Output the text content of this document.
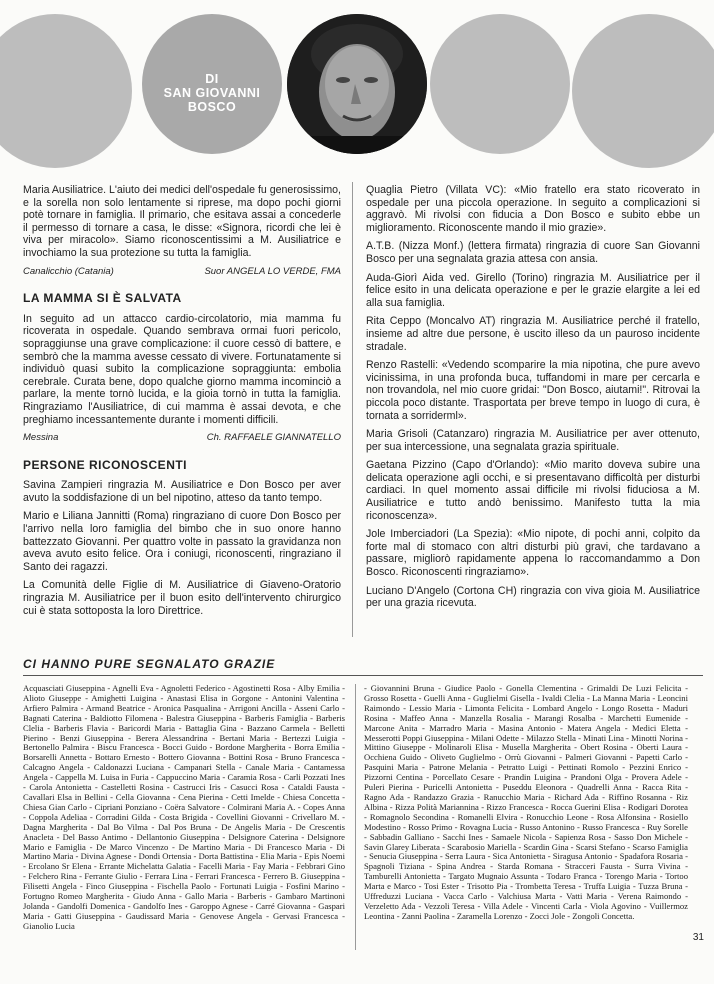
DI
SAN GIOVANNI
BOSCO

Maria Ausiliatrice. L'aiuto dei medici dell'ospedale fu generosissimo, e la sorella non solo lentamente si riprese, ma dopo pochi giorni potè tornare in famiglia. Il primario, che esitava assai a concederle il permesso di tornare a casa, le disse: «Signora, ricordi che lei è viva per miracolo». Siamo riconoscentissimi a M. Ausiliatrice e invochiamo la sua protezione su tutta la famiglia.

Canalicchio (Catania)	Suor ANGELA LO VERDE, FMA
LA MAMMA SI È SALVATA

In seguito ad un attacco cardio-circolatorio, mia mamma fu ricoverata in ospedale. Quando sembrava ormai fuori pericolo, sopraggiunse una grave complicazione: il cuore cessò di battere, e sembrò che la mamma avesse cessato di vivere. Fortunatamente si individuò quasi subito la complicazione sopraggiunta: embolia cerebrale. Curata bene, dopo qualche giorno mamma incominciò a parlare, la mente tornò lucida, e la gioia tornò in tutta la famiglia. Ringraziamo l'Ausiliatrice, di cui mamma è assai devota, e che preghiamo incessantemente durante i momenti difficili.

Messina	Ch. RAFFAELE GIANNATELLO
PERSONE RICONOSCENTI

Savina Zampieri ringrazia M. Ausiliatrice e Don Bosco per aver avuto la soddisfazione di un bel nipotino, atteso da tanto tempo.

Mario e Liliana Jannitti (Roma) ringraziano di cuore Don Bosco per l'arrivo nella loro famiglia del bimbo che in suo onore hanno battezzato Giovanni. Per quattro volte in passato la gravidanza non aveva avuto esito felice. Ora i coniugi, riconoscenti, ringraziano il Santo dei ragazzi.

La Comunità delle Figlie di M. Ausiliatrice di Giaveno-Oratorio ringrazia M. Ausiliatrice per il buon esito dell'intervento chirurgico cui è stata sottoposta la loro Direttrice.

Quaglia Pietro (Villata VC): «Mio fratello era stato ricoverato in ospedale per una piccola operazione. In seguito a complicazioni si aggravò. Mi rivolsi con fiducia a Don Bosco e subito ebbe un miglioramento. Riconoscente mando il mio grazie».

A.T.B. (Nizza Monf.) (lettera firmata) ringrazia di cuore San Giovanni Bosco per una segnalata grazia attesa con ansia.

Auda-Giorì Aida ved. Girello (Torino) ringrazia M. Ausiliatrice per il felice esito in una delicata operazione e per le grazie elargite a lei ed alla sua famiglia.

Rita Ceppo (Moncalvo AT) ringrazia M. Ausiliatrice perché il fratello, insieme ad altre due persone, è uscito illeso da un pauroso incidente stradale.

Renzo Rastelli: «Vedendo scomparire la mia nipotina, che pure avevo vicinissima, in una profonda buca, tuffandomi in mare per cercarla e non trovandola, nel mio cuore gridai: "Don Bosco, aiutami!". Ritrovai la piccola poco distante. Trasportata per breve tempo in luogo di cura, è tornata a sorriderml».

Maria Grisoli (Catanzaro) ringrazia M. Ausiliatrice per aver ottenuto, per sua intercessione, una segnalata grazia spirituale.

Gaetana Pizzino (Capo d'Orlando): «Mio marito doveva subire una delicata operazione agli occhi, e si presentavano difficoltà per disturbi cardiaci. In quel momento assai difficile mi rivolsi fiduciosa a M. Ausiliatrice e tutto andò benissimo. Manifesto tutta la mia riconoscenza».

Jole Imberciadori (La Spezia): «Mio nipote, di pochi anni, colpito da forte mal di stomaco con altri disturbi più gravi, che tardavano a passare, migliorò rapidamente appena lo raccomandammo a Don Bosco. Riconoscenti ringraziamo».

Luciano D'Angelo (Cortona CH) ringrazia con viva gioia M. Ausiliatrice per una grazia ricevuta.

CI HANNO PURE SEGNALATO GRAZIE
Acquasciati Giuseppina - Agnelli Eva - Agnoletti Federico - Agostinetti Rosa - Alby Emilia - Alioto Giuseppe - Amighetti Luigina - Anastasi Elisa in Gorgone - Antonini Valentina - Arfiero Palmira - Armand Beatrice - Aronica Pasqualina - Arrigoni Ancilla - Asseni Carlo - Bagnati Caterina - Baldiotto Filomena - Balestra Giuseppina - Barberis Famiglia - Barberis Clelia - Barberis Flavia - Baricordi Maria - Battaglia Gina - Bazzano Carmela - Belletti Pierino - Benzi Giuseppina - Berera Alessandrina - Bertani Maria - Bertezzi Luigia - Bertonello Palmira - Biscu Francesca - Bocci Guido - Bordone Margherita - Borra Emilia - Borsarelli Annetta - Bottaro Ernesto - Bottero Giovanna - Bottini Rosa - Bruno Francesca - Calcagno Angela - Caldonazzi Luciana - Campanari Stella - Canale Maria - Cantamessa Angela - Cappella M. Luisa in Furia - Cappuccino Maria - Caramia Rosa - Carli Pozzati Ines - Carola Antonietta - Castelletti Rosina - Castrucci Iris - Casucci Rosa - Cataldi Fausta - Cavallari Elsa in Bellini - Cella Giovanna - Cena Pierina - Cetti Imelde - Chiesa Concetta - Chiesa Gian Carlo - Cipriani Ponziano - Coëra Salvatore - Colmirani Maria A. - Copes Anna - Coppola Adeliaa - Corradini Gilda - Costa Brigida - Covellini Giovanni - Crivellaro M. - Dagna Margherita - Dal Bo Vilma - Dal Pos Bruna - De Angelis Maria - De Crescentis Anacleta - Del Basso Antimo - Dellantonio Giuseppina - Delsignore Caterina - Delsignore Mario e Famiglia - De Marco Vincenzo - De Martino Maria - Di Francesco Maria - Di Martino Maria - Divina Agnese - Dondi Ortensia - Dorta Battistina - Elia Maria - Epis Noemi - Ercolano Sr Elena - Errante Michelatta Galatia - Facelli Maria - Fay Maria - Febbrari Gino - Felchero Rina - Ferrante Giulio - Ferrara Lina - Ferrari Francesca - Ferrero B. Giuseppina - Filisetti Angela - Finco Giuseppina - Fischella Paolo - Fortunati Luigia - Fosfini Marino - Fortugno Romeo Margherita - Giudo Anna - Gallo Maria - Barberis - Gambaro Martinoni Jolanda - Gandolfi Domenica - Gandolfo Ines - Garoppo Agnese - Carré Giovanna - Gaspari Maria - Gatti Giuseppina - Gaudissard Maria - Genovese Angela - Gervasi Francesca - Gianolio Lucia
- Giovannini Bruna - Giudice Paolo - Gonella Clementina - Grimaldi De Luzi Felicita - Grosso Rosetta - Guelli Anna - Guglielmi Gisella - Ivaldi Clelia - La Manna Maria - Leoncini Raimondo - Lessio Maria - Limonta Felicita - Lombard Angelo - Longo Rosetta - Maduri Rosina - Maffeo Anna - Manzella Rosalia - Marangi Rosalba - Marchetti Eumenide - Marcone Anita - Marradro Maria - Masina Antonio - Matera Angela - Medici Eletta - Messerotti Poppi Giuseppina - Milani Odette - Milazzo Stella - Minati Lina - Minotti Norina - Mittino Giuseppe - Molinaroli Elisa - Musella Margherita - Obert Rosina - Oberti Laura - Occhiena Guido - Oliveto Guglielmo - Orrù Giovanni - Palmeri Giovanni - Papetti Carlo - Pasquini Maria - Patrone Melania - Petratto Luigi - Pettinati Romolo - Pezzini Enrico - Pizzorni Centina - Porcellato Cesare - Prandin Luigina - Prandoni Olga - Provera Adele - Puleri Pierina - Puricelli Antonietta - Puseddu Eleonora - Quadrelli Anna - Racca Rita - Ragno Ada - Randazzo Grazia - Ranucchio Maria - Richard Ada - Riffino Rosanna - Riz Albina - Rizza Polità Mariannina - Rizzo Francesca - Rocca Guerini Elisa - Rodigari Dorotea - Romagnolo Secondina - Romanelli Elvira - Ronucchio Leone - Rosa Alfonsina - Rosiello Modestino - Rosso Primo - Rovagna Lucia - Russo Antonino - Russo Francesca - Ruy Sorelle - Sabbadin Galliano - Sacchi Ines - Samaele Nicola - Sapienza Rosa - Sasso Don Michele - Savin Glarey Liberata - Scarabosio Mariella - Scardin Gina - Scarsi Stefano - Scarso Famiglia - Senucia Giuseppina - Serra Laura - Sica Antonietta - Siragusa Antonio - Spadafora Rosaria - Spagnoli Tiziana - Spina Andrea - Starda Romana - Stracceri Fausta - Surra Vivina - Tamburelli Antonietta - Targato Mugnaio Assunta - Todaro Franca - Torengo Maria - Tortoo Marta e Marco - Tosi Ester - Trisotto Pia - Trombetta Teresa - Truffa Luigia - Tuzza Bruna - Uffreduzzi Luciana - Vacca Carlo - Valchiusa Marta - Vatti Maria - Verena Raimondo - Verzeletto Ada - Vezzoli Teresa - Villa Adele - Vincenti Carla - Viola Agovino - Vuillermoz Leontina - Zanni Paolina - Zaramella Lorenzo - Zocci Jole - Zongoli Concetta.
31
